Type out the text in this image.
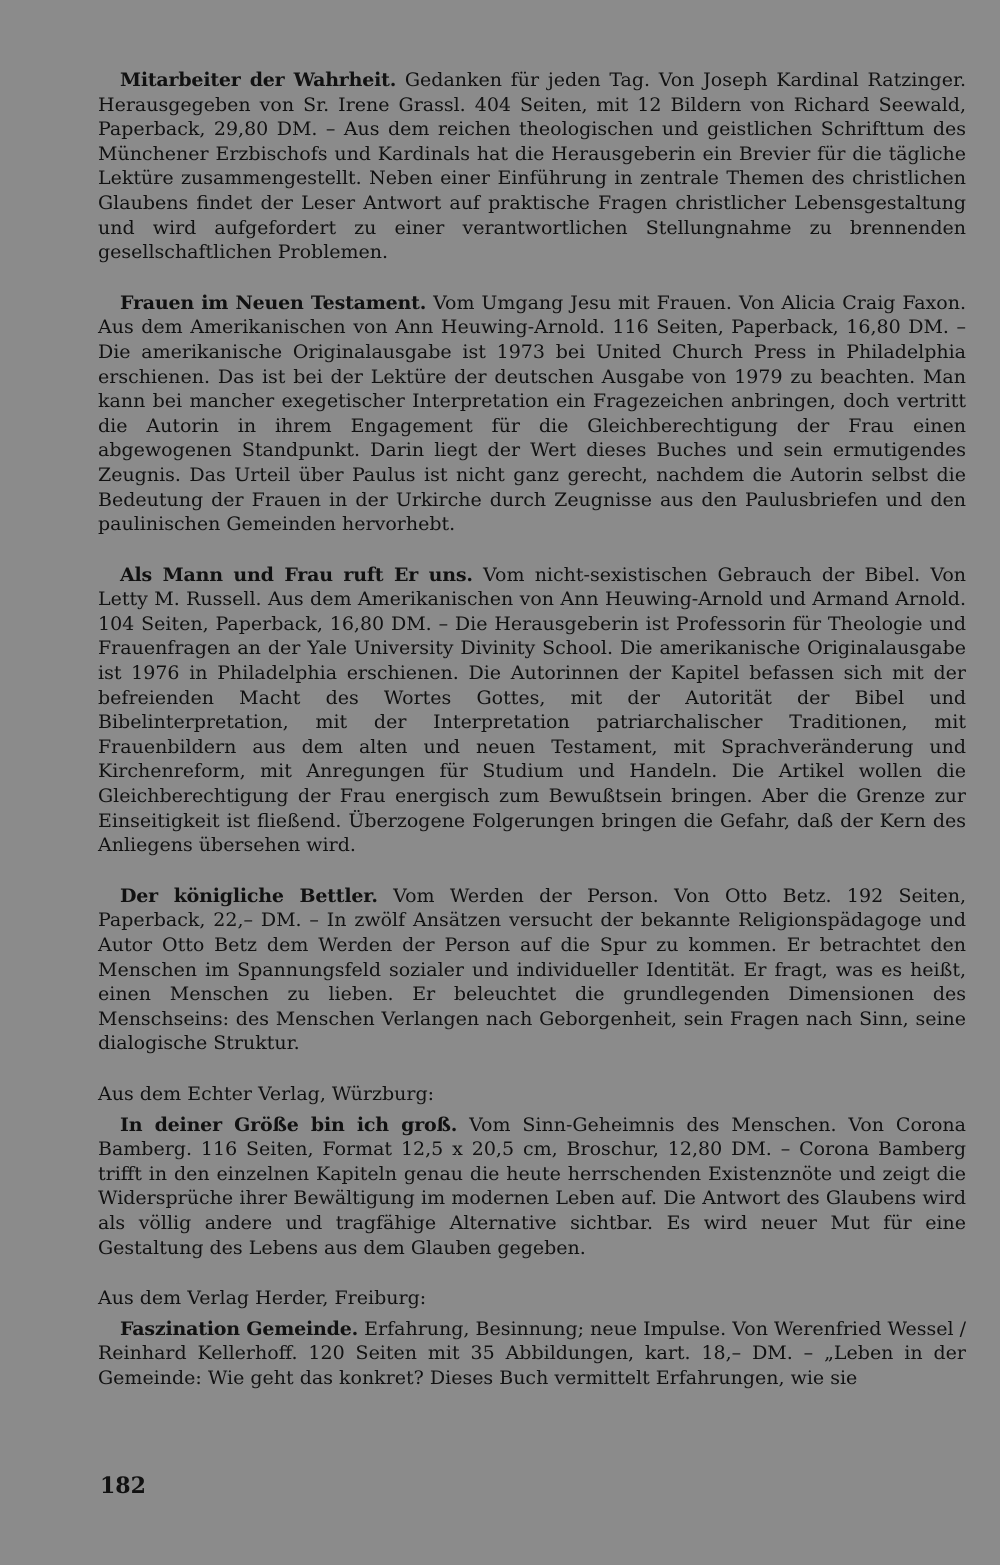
Mitarbeiter der Wahrheit. Gedanken für jeden Tag. Von Joseph Kardinal Ratzinger. Herausgegeben von Sr. Irene Grassl. 404 Seiten, mit 12 Bildern von Richard Seewald, Paperback, 29,80 DM. – Aus dem reichen theologischen und geistlichen Schrifttum des Münchener Erzbischofs und Kardinals hat die Herausgeberin ein Brevier für die tägliche Lektüre zusammengestellt. Neben einer Einführung in zentrale Themen des christlichen Glaubens findet der Leser Antwort auf praktische Fragen christlicher Lebensgestaltung und wird aufgefordert zu einer verantwortlichen Stellungnahme zu brennenden gesellschaftlichen Problemen.

Frauen im Neuen Testament. Vom Umgang Jesu mit Frauen. Von Alicia Craig Faxon. Aus dem Amerikanischen von Ann Heuwing-Arnold. 116 Seiten, Paperback, 16,80 DM. – Die amerikanische Originalausgabe ist 1973 bei United Church Press in Philadelphia erschienen. Das ist bei der Lektüre der deutschen Ausgabe von 1979 zu beachten. Man kann bei mancher exegetischer Interpretation ein Fragezeichen anbringen, doch vertritt die Autorin in ihrem Engagement für die Gleichberechtigung der Frau einen abgewogenen Standpunkt. Darin liegt der Wert dieses Buches und sein ermutigendes Zeugnis. Das Urteil über Paulus ist nicht ganz gerecht, nachdem die Autorin selbst die Bedeutung der Frauen in der Urkirche durch Zeugnisse aus den Paulusbriefen und den paulinischen Gemeinden hervorhebt.

Als Mann und Frau ruft Er uns. Vom nicht-sexistischen Gebrauch der Bibel. Von Letty M. Russell. Aus dem Amerikanischen von Ann Heuwing-Arnold und Armand Arnold. 104 Seiten, Paperback, 16,80 DM. – Die Herausgeberin ist Professorin für Theologie und Frauenfragen an der Yale University Divinity School. Die amerikanische Originalausgabe ist 1976 in Philadelphia erschienen. Die Autorinnen der Kapitel befassen sich mit der befreienden Macht des Wortes Gottes, mit der Autorität der Bibel und Bibelinterpretation, mit der Interpretation patriarchalischer Traditionen, mit Frauenbildern aus dem alten und neuen Testament, mit Sprachveränderung und Kirchenreform, mit Anregungen für Studium und Handeln. Die Artikel wollen die Gleichberechtigung der Frau energisch zum Bewußtsein bringen. Aber die Grenze zur Einseitigkeit ist fließend. Überzogene Folgerungen bringen die Gefahr, daß der Kern des Anliegens übersehen wird.

Der königliche Bettler. Vom Werden der Person. Von Otto Betz. 192 Seiten, Paperback, 22,– DM. – In zwölf Ansätzen versucht der bekannte Religionspädagoge und Autor Otto Betz dem Werden der Person auf die Spur zu kommen. Er betrachtet den Menschen im Spannungsfeld sozialer und individueller Identität. Er fragt, was es heißt, einen Menschen zu lieben. Er beleuchtet die grundlegenden Dimensionen des Menschseins: des Menschen Verlangen nach Geborgenheit, sein Fragen nach Sinn, seine dialogische Struktur.

Aus dem Echter Verlag, Würzburg:

In deiner Größe bin ich groß. Vom Sinn-Geheimnis des Menschen. Von Corona Bamberg. 116 Seiten, Format 12,5 x 20,5 cm, Broschur, 12,80 DM. – Corona Bamberg trifft in den einzelnen Kapiteln genau die heute herrschenden Existenznöte und zeigt die Widersprüche ihrer Bewältigung im modernen Leben auf. Die Antwort des Glaubens wird als völlig andere und tragfähige Alternative sichtbar. Es wird neuer Mut für eine Gestaltung des Lebens aus dem Glauben gegeben.

Aus dem Verlag Herder, Freiburg:

Faszination Gemeinde. Erfahrung, Besinnung; neue Impulse. Von Werenfried Wessel / Reinhard Kellerhoff. 120 Seiten mit 35 Abbildungen, kart. 18,– DM. – „Leben in der Gemeinde: Wie geht das konkret? Dieses Buch vermittelt Erfahrungen, wie sie

182
